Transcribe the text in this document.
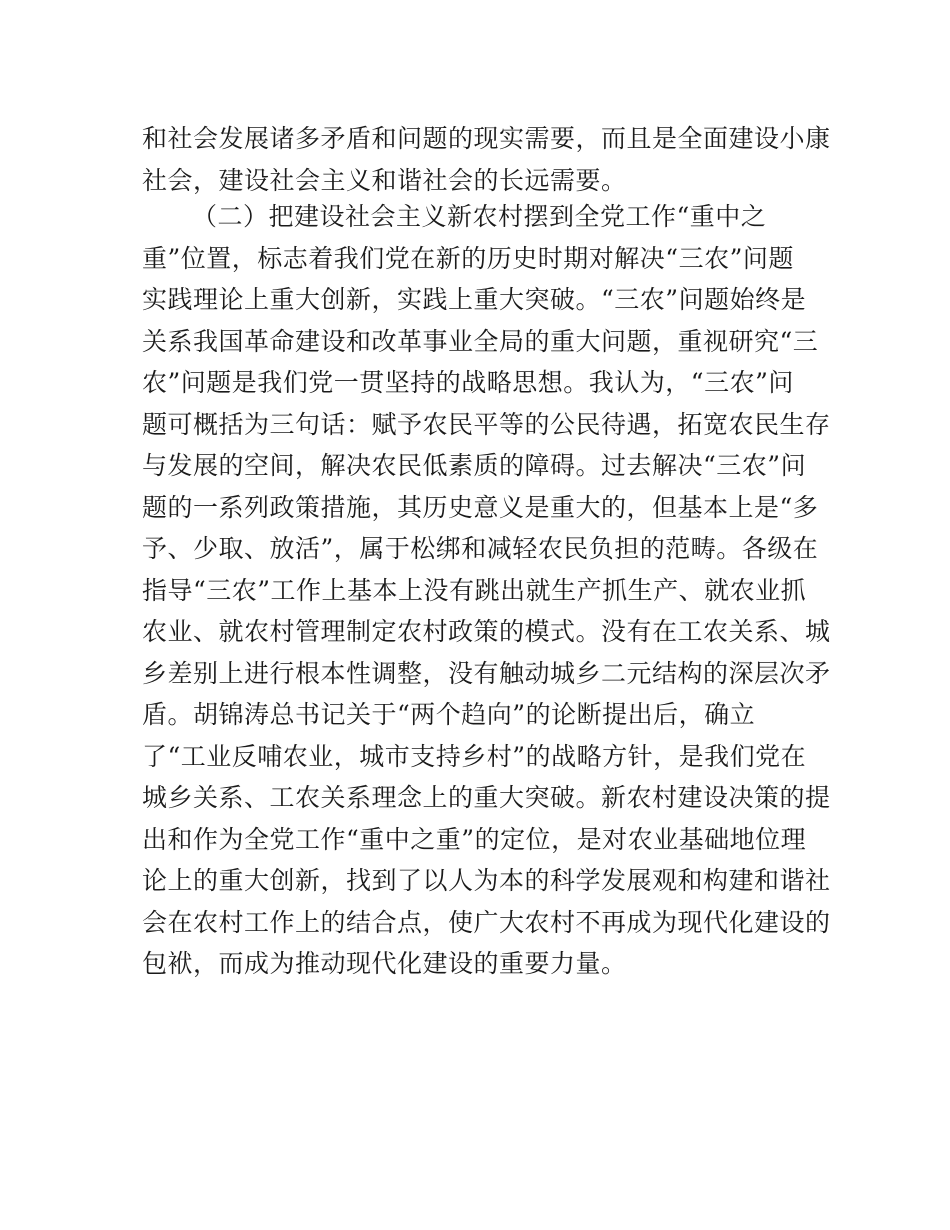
和社会发展诸多矛盾和问题的现实需要，而且是全面建设小康
社会，建设社会主义和谐社会的长远需要。
（二）把建设社会主义新农村摆到全党工作“重中之
重”位置，标志着我们党在新的历史时期对解决“三农”问题
实践理论上重大创新，实践上重大突破。“三农”问题始终是
关系我国革命建设和改革事业全局的重大问题，重视研究“三
农”问题是我们党一贯坚持的战略思想。我认为，“三农”问
题可概括为三句话：赋予农民平等的公民待遇，拓宽农民生存
与发展的空间，解决农民低素质的障碍。过去解决“三农”问
题的一系列政策措施，其历史意义是重大的，但基本上是“多
予、少取、放活”，属于松绑和减轻农民负担的范畴。各级在
指导“三农”工作上基本上没有跳出就生产抓生产、就农业抓
农业、就农村管理制定农村政策的模式。没有在工农关系、城
乡差别上进行根本性调整，没有触动城乡二元结构的深层次矛
盾。胡锦涛总书记关于“两个趋向”的论断提出后，确立
了“工业反哺农业，城市支持乡村”的战略方针，是我们党在
城乡关系、工农关系理念上的重大突破。新农村建设决策的提
出和作为全党工作“重中之重”的定位，是对农业基础地位理
论上的重大创新，找到了以人为本的科学发展观和构建和谐社
会在农村工作上的结合点，使广大农村不再成为现代化建设的
包袱，而成为推动现代化建设的重要力量。
